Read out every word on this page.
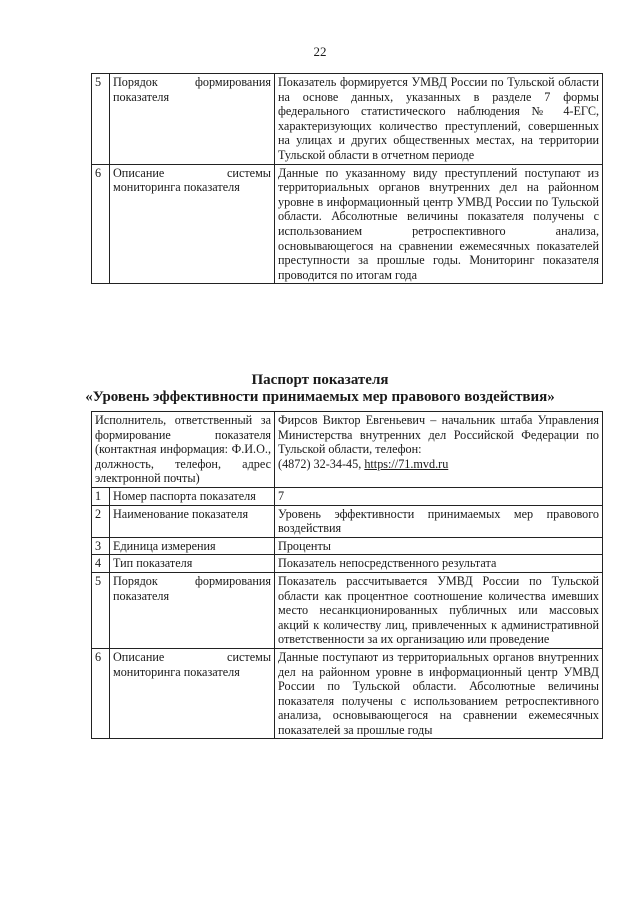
22
5	Порядок формирования показателя	Показатель формируется УМВД России по Тульской области на основе данных, указанных в разделе 7 формы федерального статистического наблюдения № 4-ЕГС, характеризующих количество преступлений, совершенных на улицах и других общественных местах, на территории Тульской области в отчетном периоде
6	Описание системы мониторинга показателя	Данные по указанному виду преступлений поступают из территориальных органов внутренних дел на районном уровне в информационный центр УМВД России по Тульской области. Абсолютные величины показателя получены с использованием ретроспективного анализа, основывающегося на сравнении ежемесячных показателей преступности за прошлые годы. Мониторинг показателя проводится по итогам года
Паспорт показателя
«Уровень эффективности принимаемых мер правового воздействия»
Исполнитель, ответственный за формирование показателя (контактная информация: Ф.И.О., должность, телефон, адрес электронной почты)		Фирсов Виктор Евгеньевич – начальник штаба Управления Министерства внутренних дел Российской Федерации по Тульской области, телефон:
(4872) 32-34-45, https://71.mvd.ru
1	Номер паспорта показателя	7
2	Наименование показателя	Уровень эффективности принимаемых мер правового воздействия
3	Единица измерения	Проценты
4	Тип показателя	Показатель непосредственного результата
5	Порядок формирования показателя	Показатель рассчитывается УМВД России по Тульской области как процентное соотношение количества имевших место несанкционированных публичных или массовых акций к количеству лиц, привлеченных к административной ответственности за их организацию или проведение
6	Описание системы мониторинга показателя	Данные поступают из территориальных органов внутренних дел на районном уровне в информационный центр УМВД России по Тульской области. Абсолютные величины показателя получены с использованием ретроспективного анализа, основывающегося на сравнении ежемесячных показателей за прошлые годы
